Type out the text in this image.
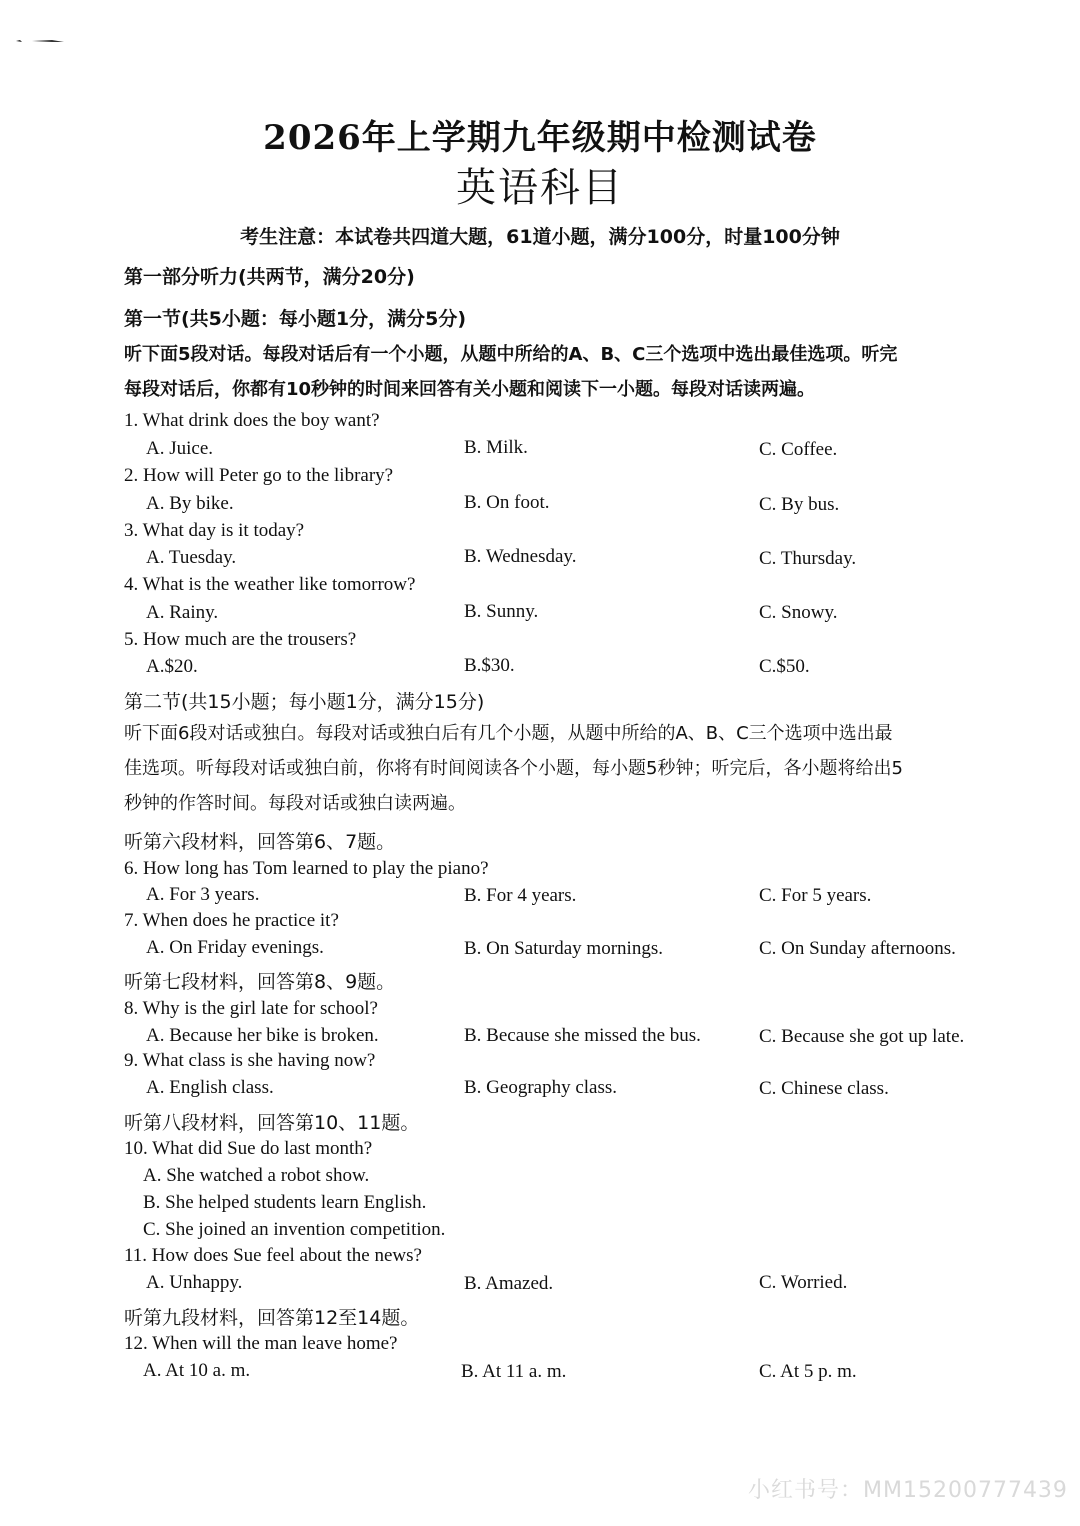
2026年上学期九年级期中检测试卷
英语科目
考生注意：本试卷共四道大题，61道小题，满分100分，时量100分钟
第一部分听力(共两节，满分20分)
第一节(共5小题：每小题1分，满分5分)
听下面5段对话。每段对话后有一个小题，从题中所给的A、B、C三个选项中选出最佳选项。听完
每段对话后，你都有10秒钟的时间来回答有关小题和阅读下一小题。每段对话读两遍。
1. What drink does the boy want?
A. Juice.	B. Milk.	C. Coffee.
2. How will Peter go to the library?
A. By bike.	B. On foot.	C. By bus.
3. What day is it today?
A. Tuesday.	B. Wednesday.	C. Thursday.
4. What is the weather like tomorrow?
A. Rainy.	B. Sunny.	C. Snowy.
5. How much are the trousers?
A.$20.	B.$30.	C.$50.
第二节(共15小题；每小题1分，满分15分)
听下面6段对话或独白。每段对话或独白后有几个小题，从题中所给的A、B、C三个选项中选出最
佳选项。听每段对话或独白前，你将有时间阅读各个小题，每小题5秒钟；听完后，各小题将给出5
秒钟的作答时间。每段对话或独白读两遍。
听第六段材料，回答第6、7题。
6. How long has Tom learned to play the piano?
A. For 3 years.	B. For 4 years.	C. For 5 years.
7. When does he practice it?
A. On Friday evenings.	B. On Saturday mornings.	C. On Sunday afternoons.
听第七段材料，回答第8、9题。
8. Why is the girl late for school?
A. Because her bike is broken.	B. Because she missed the bus.	C. Because she got up late.
9. What class is she having now?
A. English class.	B. Geography class.	C. Chinese class.
听第八段材料，回答第10、11题。
10. What did Sue do last month?
A. She watched a robot show.
B. She helped students learn English.
C. She joined an invention competition.
11. How does Sue feel about the news?
A. Unhappy.	B. Amazed.	C. Worried.
听第九段材料，回答第12至14题。
12. When will the man leave home?
A. At 10 a. m.	B. At 11 a. m.	C. At 5 p. m.
小红书号：MM15200777439
